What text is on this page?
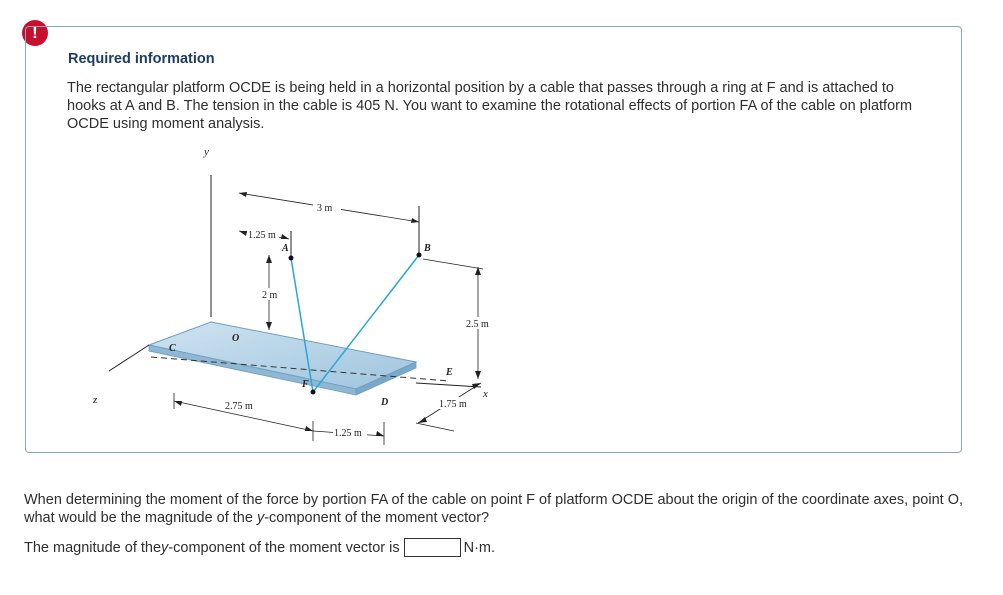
!
Required information

The rectangular platform OCDE is being held in a horizontal position by a cable that passes through a ring at F and is attached to hooks at A and B. The tension in the cable is 405 N. You want to examine the rotational effects of portion FA of the cable on platform OCDE using moment analysis.

y
z	x
3 m
1.25 m
A	B
2 m
2.5 m
O
C
E
F
D
2.75 m
1.25 m
1.75 m

When determining the moment of the force by portion FA of the cable on point F of platform OCDE about the origin of the coordinate axes, point O, what would be the magnitude of the y-component of the moment vector?

The magnitude of the y -component of the moment vector is	N·m.
